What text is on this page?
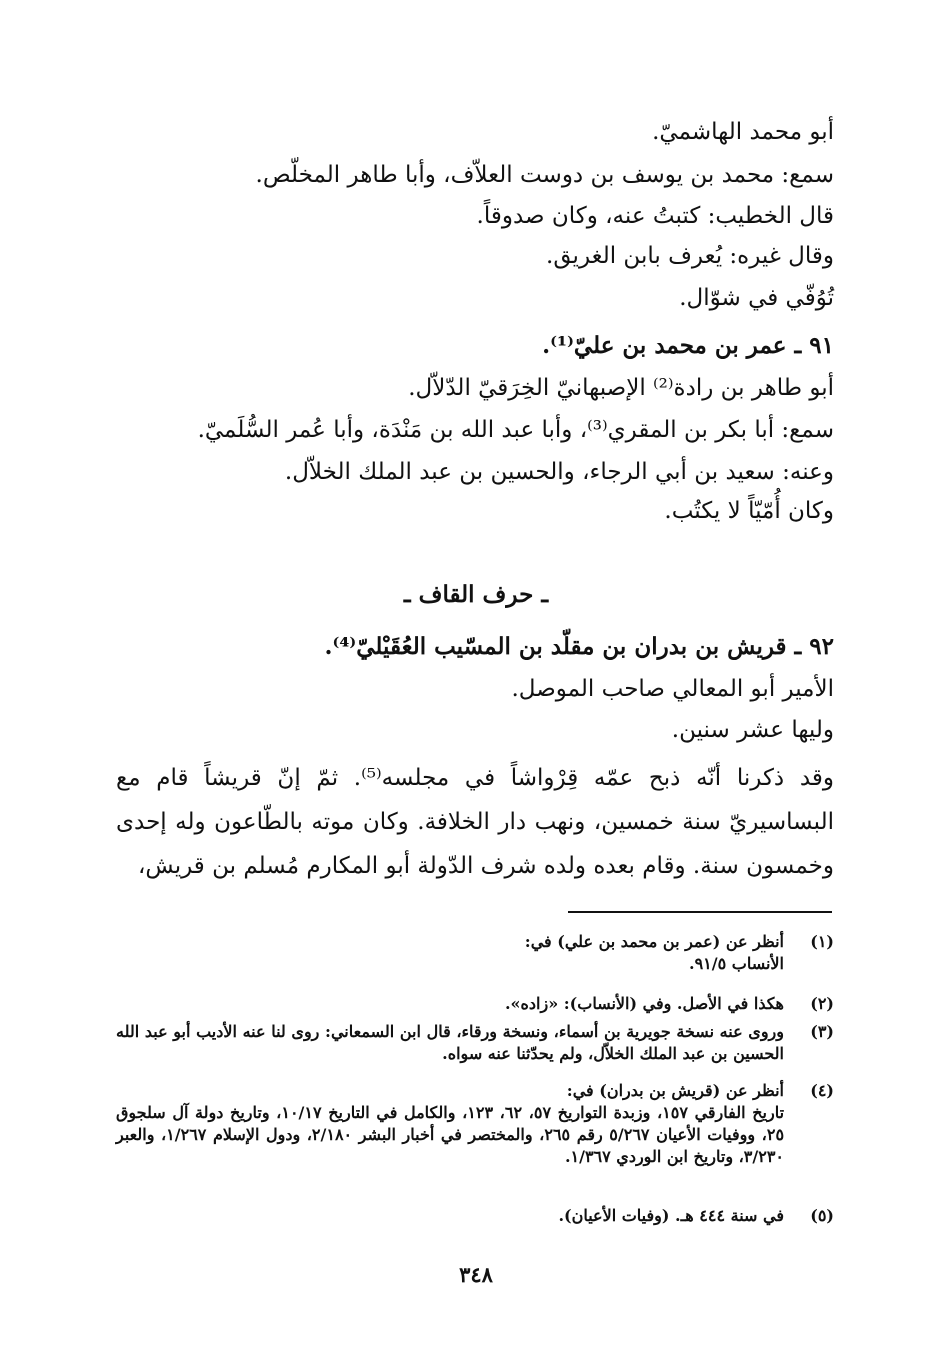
أبو محمد الهاشميّ.
سمع: محمد بن يوسف بن دوست العلاّف، وأبا طاهر المخلّص.
قال الخطيب: كتبتُ عنه، وكان صدوقاً.
وقال غيره: يُعرف بابن الغريق.
تُوُفّي في شوّال.
٩١ ـ عمر بن محمد بن عليّ⁽¹⁾.
أبو طاهر بن رادة⁽²⁾ الإصبهانيّ الخِرَقيّ الدّلاّل.
سمع: أبا بكر بن المقري⁽³⁾، وأبا عبد الله بن مَنْدَة، وأبا عُمر السُّلَميّ.
وعنه: سعيد بن أبي الرجاء، والحسين بن عبد الملك الخلاّل.
وكان أُمّيّاً لا يكتُب.
ـ حرف القاف ـ
٩٢ ـ قريش بن بدران بن مقلّد بن المسّيب العُقَيْليّ⁽⁴⁾.
الأمير أبو المعالي صاحب الموصل.
وليها عشر سنين.
وقد ذكرنا أنّه ذبح عمّه قِرْواشاً في مجلسه⁽⁵⁾. ثمّ إنّ قريشاً قام مع البساسيريّ سنة خمسين، ونهب دار الخلافة. وكان موته بالطّاعون وله إحدى وخمسون سنة. وقام بعده ولده شرف الدّولة أبو المكارم مُسلم بن قريش،
(١)
أنظر عن (عمر بن محمد بن علي) في:
الأنساب ٩١/٥.
(٢)
هكذا في الأصل. وفي (الأنساب): «زاده».
(٣)
وروى عنه نسخة جويرية بن أسماء، ونسخة ورقاء، قال ابن السمعاني: روى لنا عنه الأديب أبو عبد الله الحسين بن عبد الملك الخلاّل، ولم يحدّثنا عنه سواه.
(٤)
أنظر عن (قريش بن بدران) في:
تاريخ الفارقي ١٥٧، وزبدة التواريخ ٥٧، ٦٢، ١٢٣، والكامل في التاريخ ١٠/١٧، وتاريخ دولة آل سلجوق ٢٥، ووفيات الأعيان ٥/٢٦٧ رقم ٢٦٥، والمختصر في أخبار البشر ٢/١٨٠، ودول الإسلام ١/٢٦٧، والعبر ٣/٢٣٠، وتاريخ ابن الوردي ١/٣٦٧.
(٥)
في سنة ٤٤٤ هـ. (وفيات الأعيان).
٣٤٨
